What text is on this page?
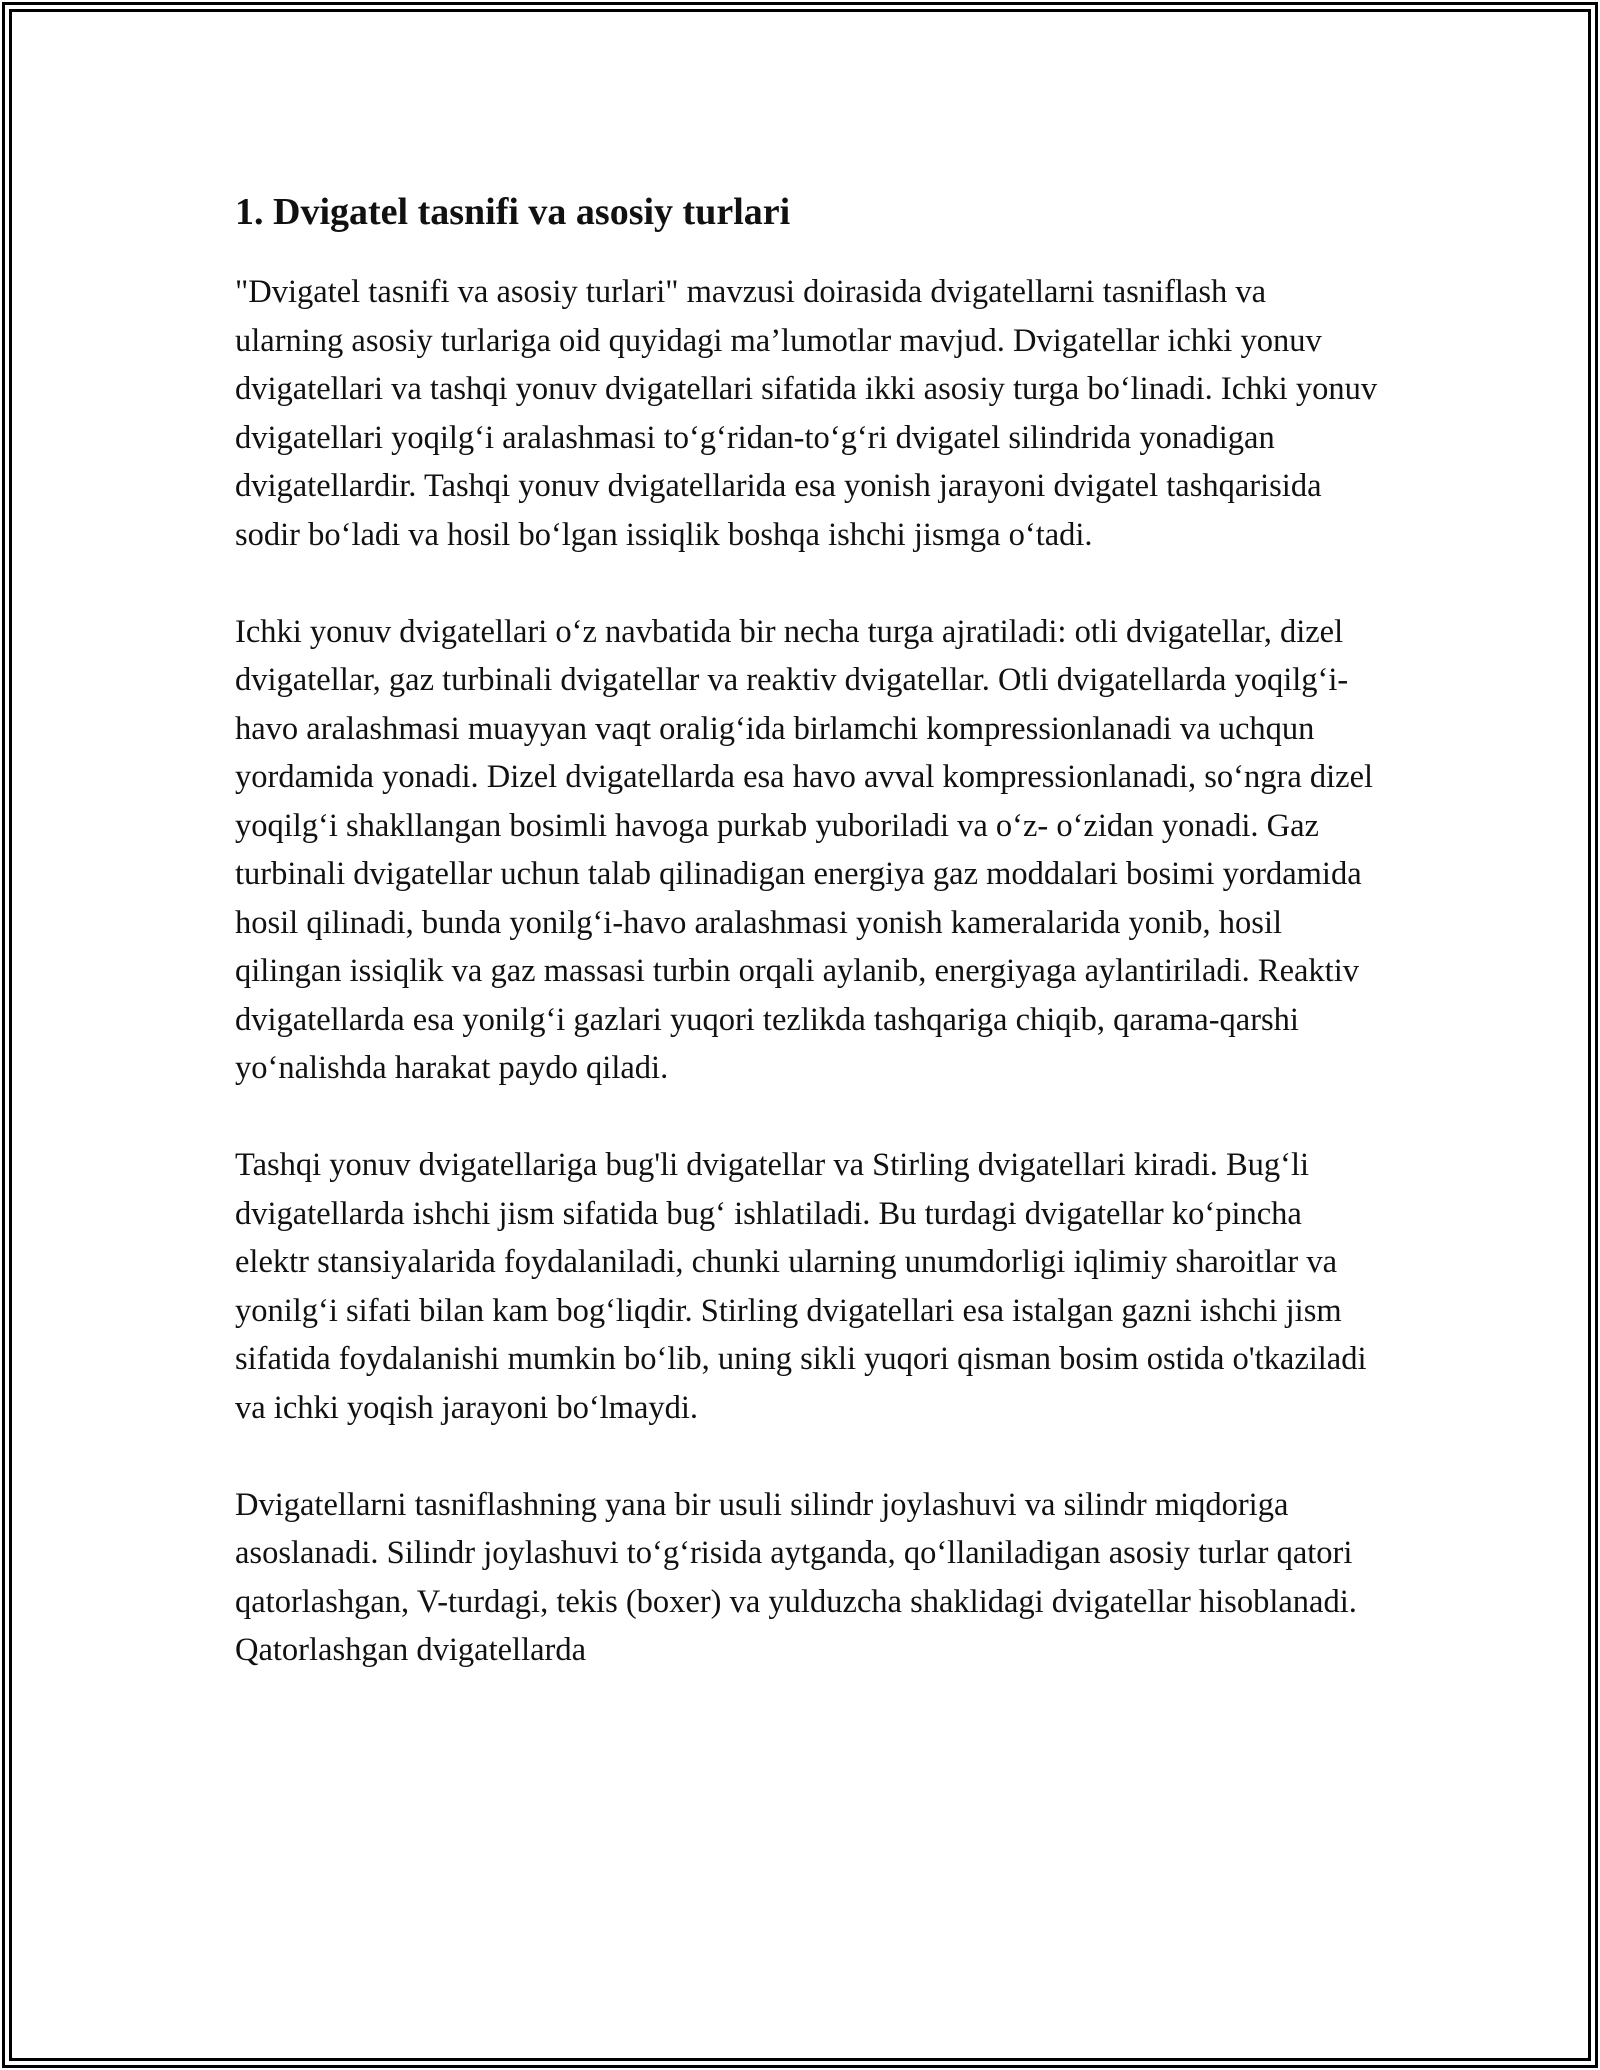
1. Dvigatel tasnifi va asosiy turlari

"Dvigatel tasnifi va asosiy turlari" mavzusi doirasida dvigatellarni tasniflash va ularning asosiy turlariga oid quyidagi ma’lumotlar mavjud. Dvigatellar ichki yonuv dvigatellari va tashqi yonuv dvigatellari sifatida ikki asosiy turga bo‘linadi. Ichki yonuv dvigatellari yoqilg‘i aralashmasi to‘g‘ridan-to‘g‘ri dvigatel silindrida yonadigan dvigatellardir. Tashqi yonuv dvigatellarida esa yonish jarayoni dvigatel tashqarisida sodir bo‘ladi va hosil bo‘lgan issiqlik boshqa ishchi jismga o‘tadi.

Ichki yonuv dvigatellari o‘z navbatida bir necha turga ajratiladi: otli dvigatellar, dizel dvigatellar, gaz turbinali dvigatellar va reaktiv dvigatellar. Otli dvigatellarda yoqilg‘i-havo aralashmasi muayyan vaqt oralig‘ida birlamchi kompressionlanadi va uchqun yordamida yonadi. Dizel dvigatellarda esa havo avval kompressionlanadi, so‘ngra dizel yoqilg‘i shakllangan bosimli havoga purkab yuboriladi va o‘z- o‘zidan yonadi. Gaz turbinali dvigatellar uchun talab qilinadigan energiya gaz moddalari bosimi yordamida hosil qilinadi, bunda yonilg‘i-havo aralashmasi yonish kameralarida yonib, hosil qilingan issiqlik va gaz massasi turbin orqali aylanib, energiyaga aylantiriladi. Reaktiv dvigatellarda esa yonilg‘i gazlari yuqori tezlikda tashqariga chiqib, qarama-qarshi yo‘nalishda harakat paydo qiladi.

Tashqi yonuv dvigatellariga bug'li dvigatellar va Stirling dvigatellari kiradi. Bug‘li dvigatellarda ishchi jism sifatida bug‘ ishlatiladi. Bu turdagi dvigatellar ko‘pincha elektr stansiyalarida foydalaniladi, chunki ularning unumdorligi iqlimiy sharoitlar va yonilg‘i sifati bilan kam bog‘liqdir. Stirling dvigatellari esa istalgan gazni ishchi jism sifatida foydalanishi mumkin bo‘lib, uning sikli yuqori qisman bosim ostida o'tkaziladi va ichki yoqish jarayoni bo‘lmaydi.

Dvigatellarni tasniflashning yana bir usuli silindr joylashuvi va silindr miqdoriga asoslanadi. Silindr joylashuvi to‘g‘risida aytganda, qo‘llaniladigan asosiy turlar qatori qatorlashgan, V-turdagi, tekis (boxer) va yulduzcha shaklidagi dvigatellar hisoblanadi. Qatorlashgan dvigatellarda
